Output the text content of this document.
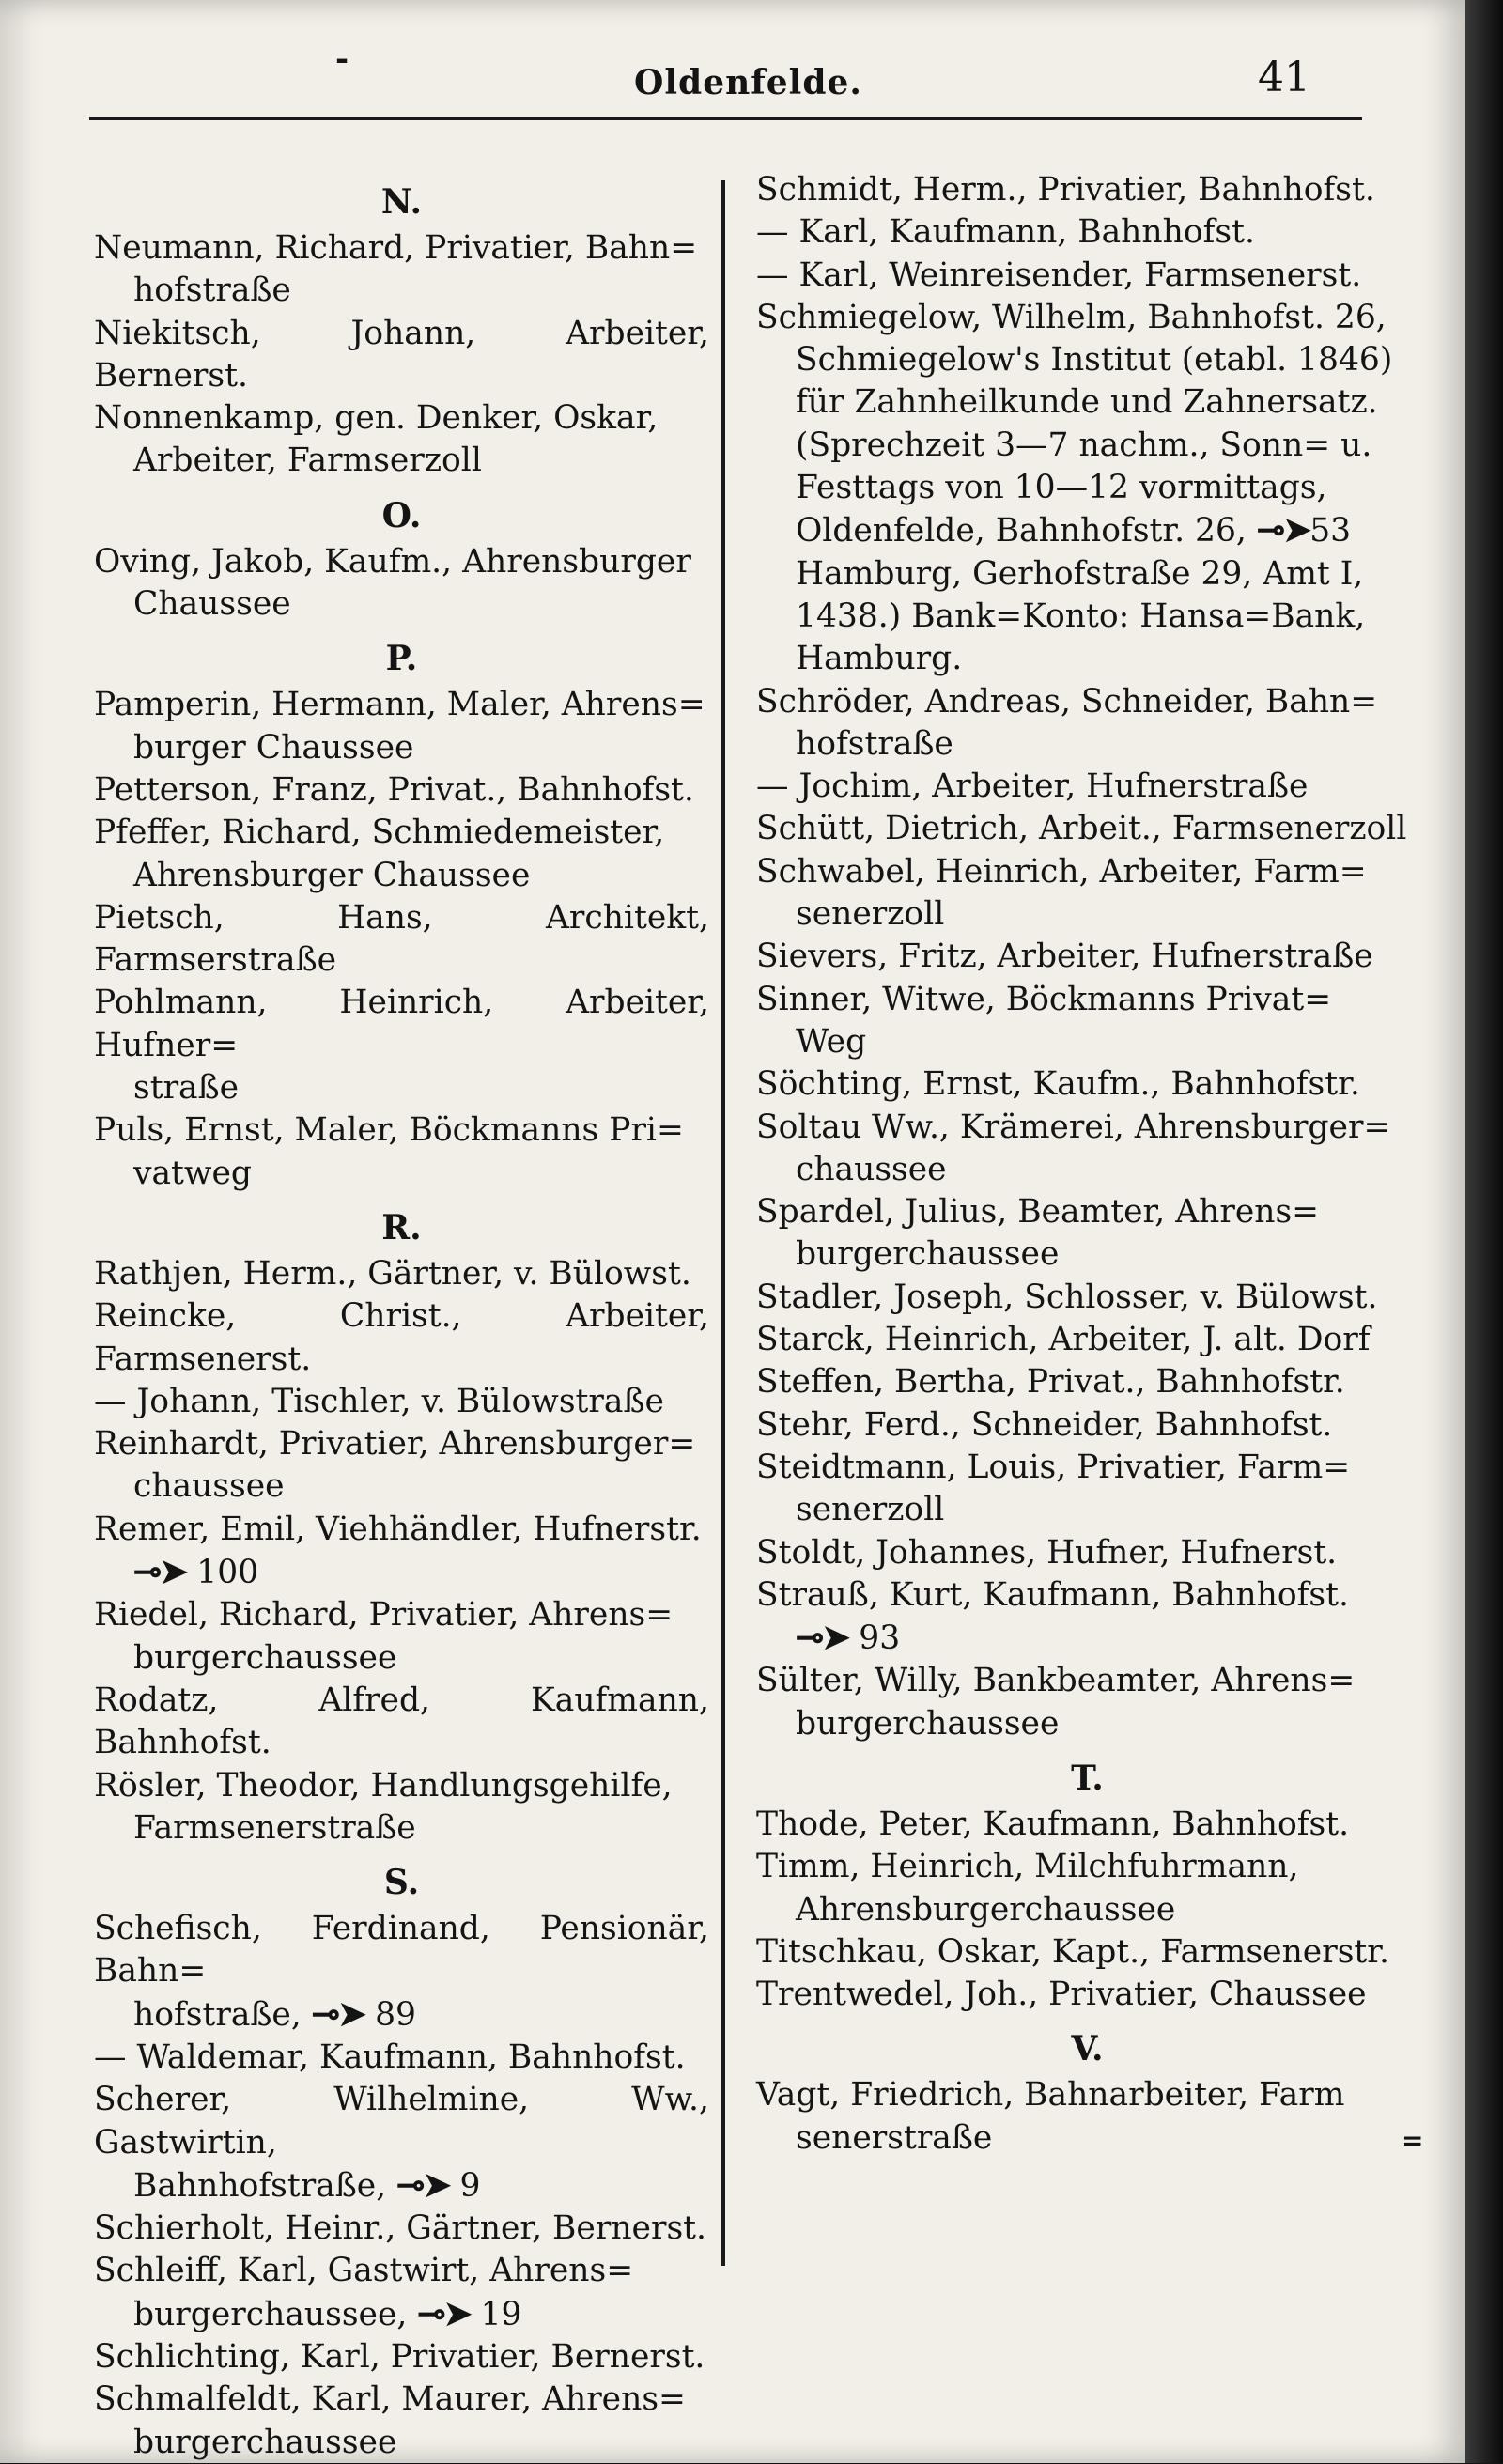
-
Oldenfelde.	41
N.
Neumann, Richard, Privatier, Bahn=
hofstraße
Niekitsch, Johann, Arbeiter, Bernerst.
Nonnenkamp, gen. Denker, Oskar,
Arbeiter, Farmserzoll
O.
Oving, Jakob, Kaufm., Ahrensburger
Chaussee
P.
Pamperin, Hermann, Maler, Ahrens=
burger Chaussee
Petterson, Franz, Privat., Bahnhofst.
Pfeffer, Richard, Schmiedemeister,
Ahrensburger Chaussee
Pietsch, Hans, Architekt, Farmserstraße
Pohlmann, Heinrich, Arbeiter, Hufner=
straße
Puls, Ernst, Maler, Böckmanns Pri=
vatweg
R.
Rathjen, Herm., Gärtner, v. Bülowst.
Reincke, Christ., Arbeiter, Farmsenerst.
— Johann, Tischler, v. Bülowstraße
Reinhardt, Privatier, Ahrensburger=
chaussee
Remer, Emil, Viehhändler, Hufnerstr.
⊸➤ 100
Riedel, Richard, Privatier, Ahrens=
burgerchaussee
Rodatz, Alfred, Kaufmann, Bahnhofst.
Rösler, Theodor, Handlungsgehilfe,
Farmsenerstraße
S.
Schefisch, Ferdinand, Pensionär, Bahn=
hofstraße, ⊸➤ 89
— Waldemar, Kaufmann, Bahnhofst.
Scherer, Wilhelmine, Ww., Gastwirtin,
Bahnhofstraße, ⊸➤ 9
Schierholt, Heinr., Gärtner, Bernerst.
Schleiff, Karl, Gastwirt, Ahrens=
burgerchaussee, ⊸➤ 19
Schlichting, Karl, Privatier, Bernerst.
Schmalfeldt, Karl, Maurer, Ahrens=
burgerchaussee
Schmidt, Herm., Privatier, Bahnhofst.
— Karl, Kaufmann, Bahnhofst.
— Karl, Weinreisender, Farmsenerst.
Schmiegelow, Wilhelm, Bahnhofst. 26,
Schmiegelow's Institut (etabl. 1846)
für Zahnheilkunde und Zahnersatz.
(Sprechzeit 3—7 nachm., Sonn= u.
Festtags von 10—12 vormittags,
Oldenfelde, Bahnhofstr. 26, ⊸➤53
Hamburg, Gerhofstraße 29, Amt I,
1438.) Bank=Konto: Hansa=Bank,
Hamburg.
Schröder, Andreas, Schneider, Bahn=
hofstraße
— Jochim, Arbeiter, Hufnerstraße
Schütt, Dietrich, Arbeit., Farmsenerzoll
Schwabel, Heinrich, Arbeiter, Farm=
senerzoll
Sievers, Fritz, Arbeiter, Hufnerstraße
Sinner, Witwe, Böckmanns Privat=
Weg
Söchting, Ernst, Kaufm., Bahnhofstr.
Soltau Ww., Krämerei, Ahrensburger=
chaussee
Spardel, Julius, Beamter, Ahrens=
burgerchaussee
Stadler, Joseph, Schlosser, v. Bülowst.
Starck, Heinrich, Arbeiter, J. alt. Dorf
Steffen, Bertha, Privat., Bahnhofstr.
Stehr, Ferd., Schneider, Bahnhofst.
Steidtmann, Louis, Privatier, Farm=
senerzoll
Stoldt, Johannes, Hufner, Hufnerst.
Strauß, Kurt, Kaufmann, Bahnhofst.
⊸➤ 93
Sülter, Willy, Bankbeamter, Ahrens=
burgerchaussee
T.
Thode, Peter, Kaufmann, Bahnhofst.
Timm, Heinrich, Milchfuhrmann,
Ahrensburgerchaussee
Titschkau, Oskar, Kapt., Farmsenerstr.
Trentwedel, Joh., Privatier, Chaussee
V.
Vagt, Friedrich, Bahnarbeiter, Farm
senerstraße	=
